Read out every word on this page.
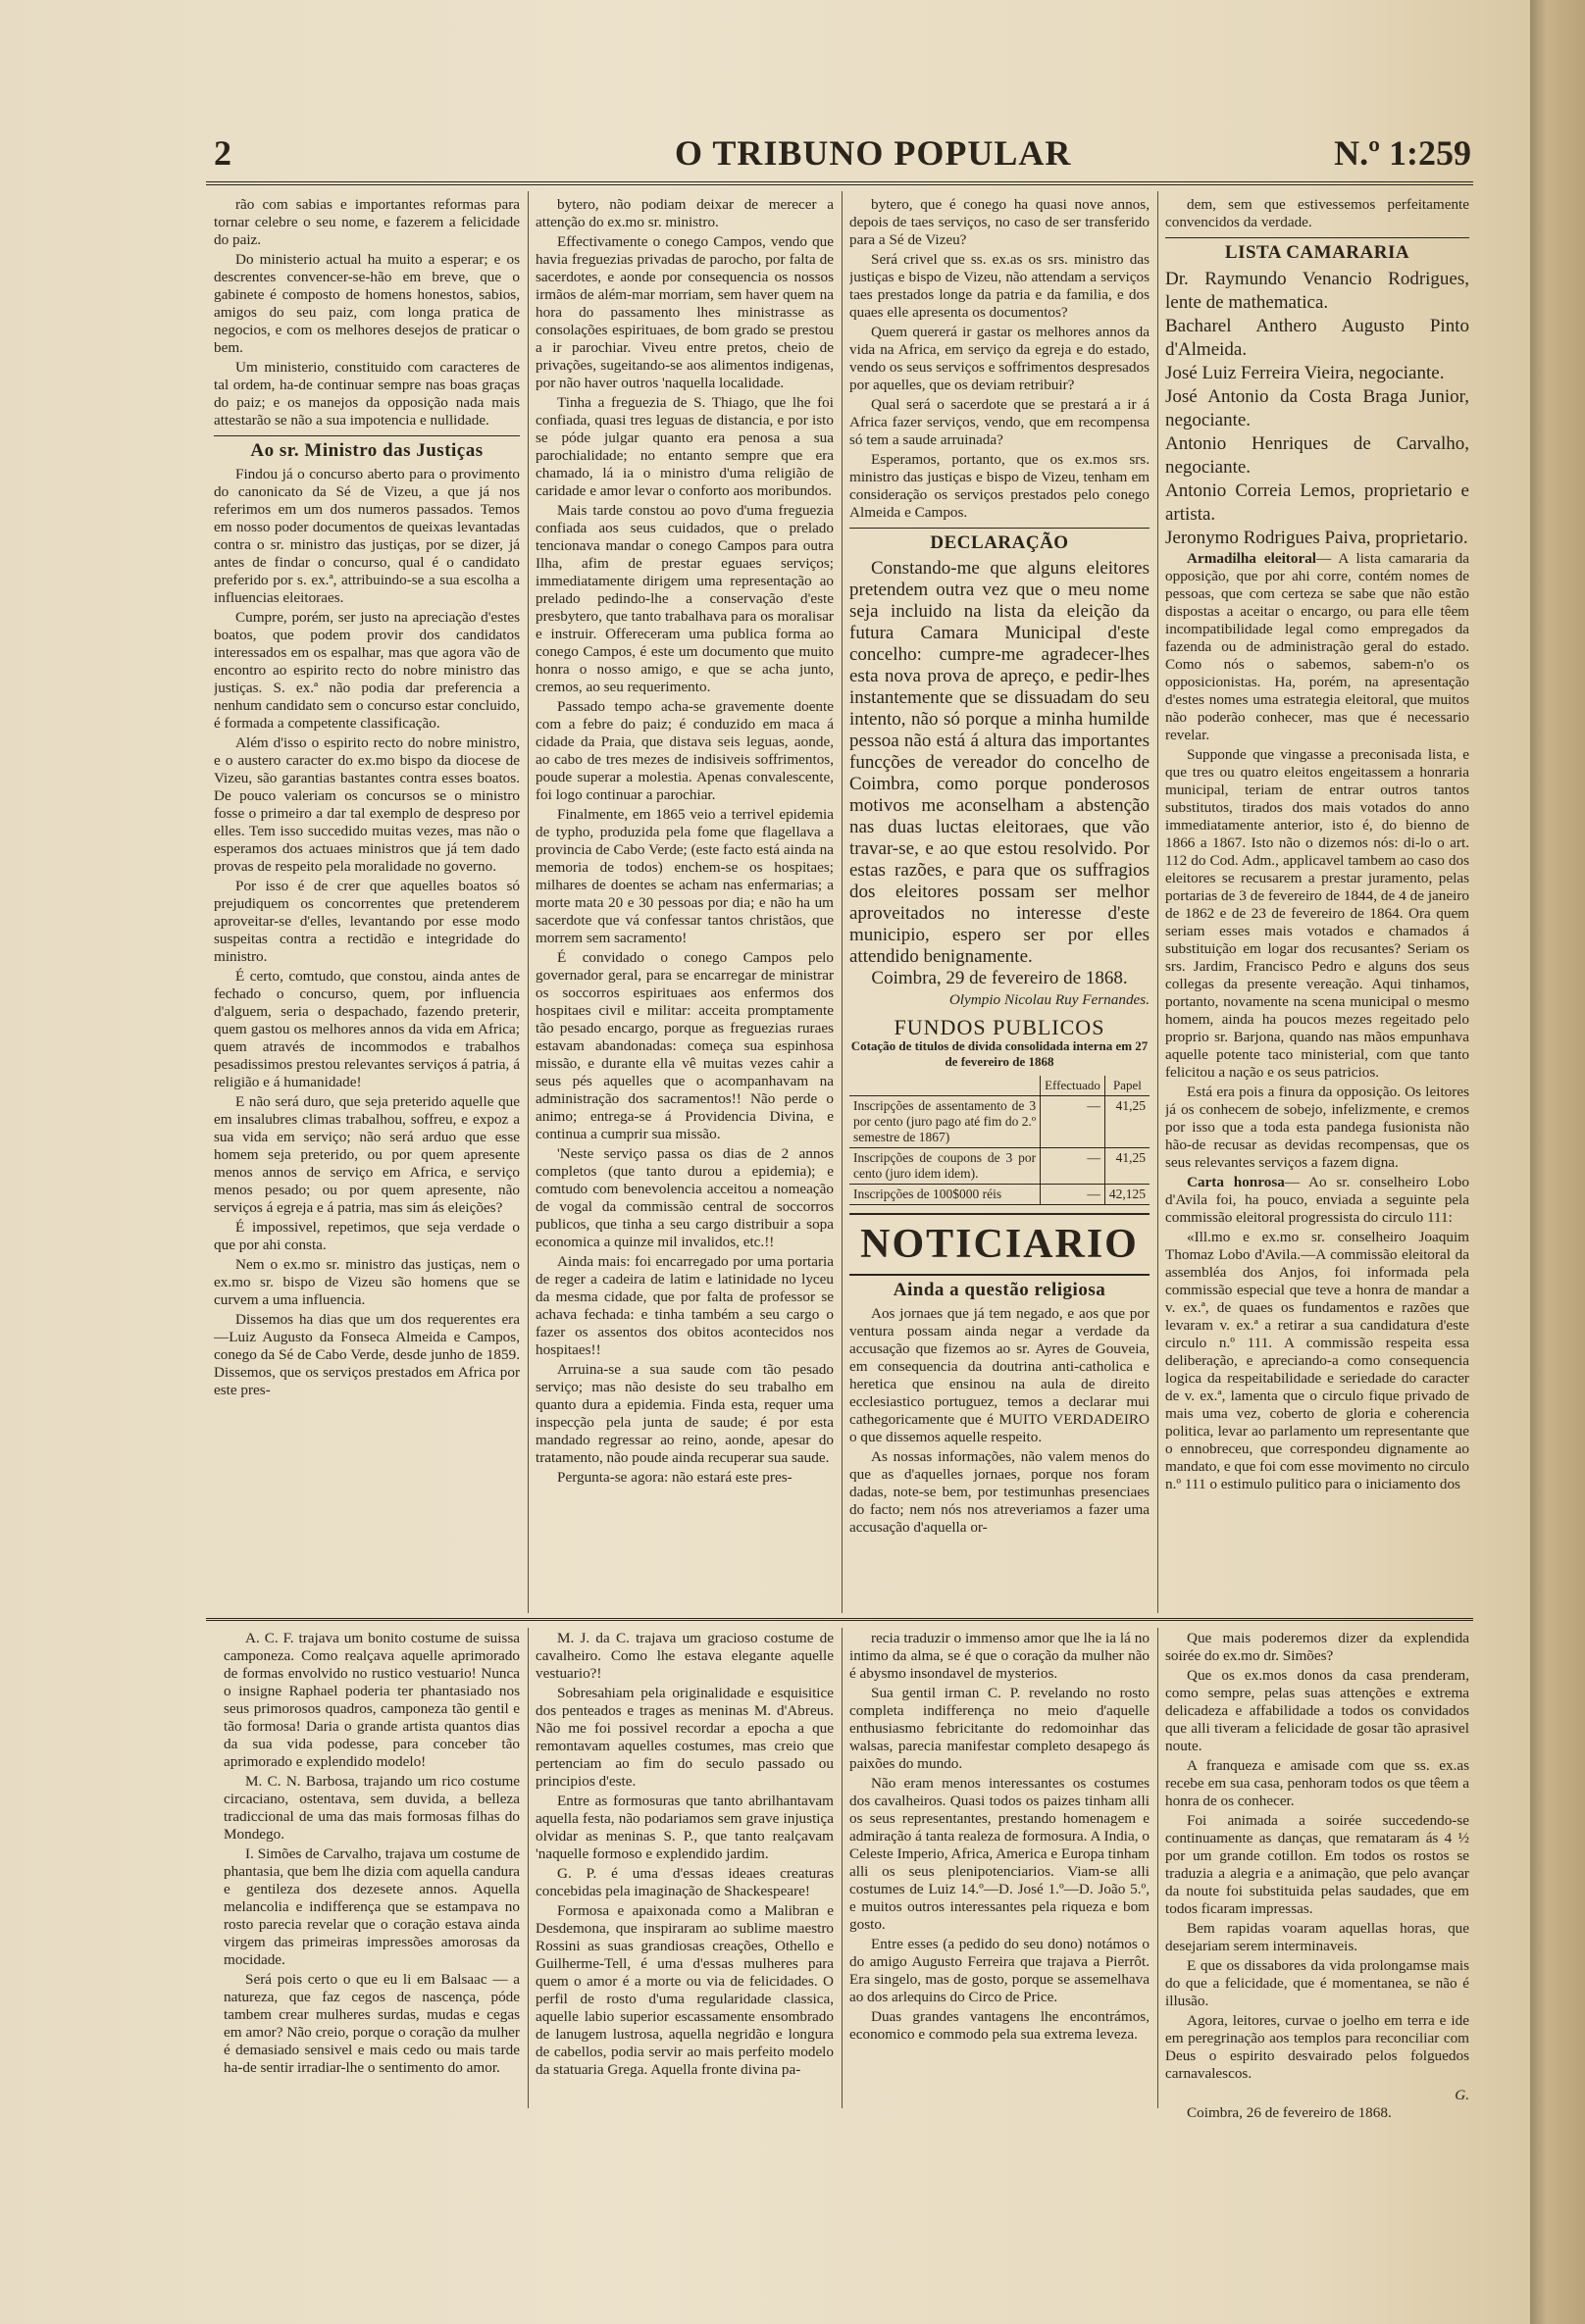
2	O TRIBUNO POPULAR	N.º 1:259

rão com sabias e importantes reformas para tornar celebre o seu nome, e fazerem a felicidade do paiz.

Do ministerio actual ha muito a esperar; e os descrentes convencer-se-hão em breve, que o gabinete é composto de homens honestos, sabios, amigos do seu paiz, com longa pratica de negocios, e com os melhores desejos de praticar o bem.

Um ministerio, constituido com caracteres de tal ordem, ha-de continuar sempre nas boas graças do paiz; e os manejos da opposição nada mais attestarão se não a sua impotencia e nullidade.

Ao sr. Ministro das Justiças

Findou já o concurso aberto para o provimento do canonicato da Sé de Vizeu, a que já nos referimos em um dos numeros passados. Temos em nosso poder documentos de queixas levantadas contra o sr. ministro das justiças, por se dizer, já antes de findar o concurso, qual é o candidato preferido por s. ex.ª, attribuindo-se a sua escolha a influencias eleitoraes.

Cumpre, porém, ser justo na apreciação d'estes boatos, que podem provir dos candidatos interessados em os espalhar, mas que agora vão de encontro ao espirito recto do nobre ministro das justiças. S. ex.ª não podia dar preferencia a nenhum candidato sem o concurso estar concluido, é formada a competente classificação.

Além d'isso o espirito recto do nobre ministro, e o austero caracter do ex.mo bispo da diocese de Vizeu, são garantias bastantes contra esses boatos. De pouco valeriam os concursos se o ministro fosse o primeiro a dar tal exemplo de despreso por elles. Tem isso succedido muitas vezes, mas não o esperamos dos actuaes ministros que já tem dado provas de respeito pela moralidade no governo.

Por isso é de crer que aquelles boatos só prejudiquem os concorrentes que pretenderem aproveitar-se d'elles, levantando por esse modo suspeitas contra a rectidão e integridade do ministro.

É certo, comtudo, que constou, ainda antes de fechado o concurso, quem, por influencia d'alguem, seria o despachado, fazendo preterir, quem gastou os melhores annos da vida em Africa; quem através de incommodos e trabalhos pesadissimos prestou relevantes serviços á patria, á religião e á humanidade!

E não será duro, que seja preterido aquelle que em insalubres climas trabalhou, soffreu, e expoz a sua vida em serviço; não será arduo que esse homem seja preterido, ou por quem apresente menos annos de serviço em Africa, e serviço menos pesado; ou por quem apresente, não serviços á egreja e á patria, mas sim ás eleições?

É impossivel, repetimos, que seja verdade o que por ahi consta.

Nem o ex.mo sr. ministro das justiças, nem o ex.mo sr. bispo de Vizeu são homens que se curvem a uma influencia.

Dissemos ha dias que um dos requerentes era—Luiz Augusto da Fonseca Almeida e Campos, conego da Sé de Cabo Verde, desde junho de 1859. Dissemos, que os serviços prestados em Africa por este pres-

bytero, não podiam deixar de merecer a attenção do ex.mo sr. ministro.

Effectivamente o conego Campos, vendo que havia freguezias privadas de parocho, por falta de sacerdotes, e aonde por consequencia os nossos irmãos de além-mar morriam, sem haver quem na hora do passamento lhes ministrasse as consolações espirituaes, de bom grado se prestou a ir parochiar. Viveu entre pretos, cheio de privações, sugeitando-se aos alimentos indigenas, por não haver outros 'naquella localidade.

Tinha a freguezia de S. Thiago, que lhe foi confiada, quasi tres leguas de distancia, e por isto se póde julgar quanto era penosa a sua parochialidade; no entanto sempre que era chamado, lá ia o ministro d'uma religião de caridade e amor levar o conforto aos moribundos.

Mais tarde constou ao povo d'uma freguezia confiada aos seus cuidados, que o prelado tencionava mandar o conego Campos para outra Ilha, afim de prestar eguaes serviços; immediatamente dirigem uma representação ao prelado pedindo-lhe a conservação d'este presbytero, que tanto trabalhava para os moralisar e instruir. Offereceram uma publica forma ao conego Campos, é este um documento que muito honra o nosso amigo, e que se acha junto, cremos, ao seu requerimento.

Passado tempo acha-se gravemente doente com a febre do paiz; é conduzido em maca á cidade da Praia, que distava seis leguas, aonde, ao cabo de tres mezes de indisiveis soffrimentos, poude superar a molestia. Apenas convalescente, foi logo continuar a parochiar.

Finalmente, em 1865 veio a terrivel epidemia de typho, produzida pela fome que flagellava a provincia de Cabo Verde; (este facto está ainda na memoria de todos) enchem-se os hospitaes; milhares de doentes se acham nas enfermarias; a morte mata 20 e 30 pessoas por dia; e não ha um sacerdote que vá confessar tantos christãos, que morrem sem sacramento!

É convidado o conego Campos pelo governador geral, para se encarregar de ministrar os soccorros espirituaes aos enfermos dos hospitaes civil e militar: acceita promptamente tão pesado encargo, porque as freguezias ruraes estavam abandonadas: começa sua espinhosa missão, e durante ella vê muitas vezes cahir a seus pés aquelles que o acompanhavam na administração dos sacramentos!! Não perde o animo; entrega-se á Providencia Divina, e continua a cumprir sua missão.

'Neste serviço passa os dias de 2 annos completos (que tanto durou a epidemia); e comtudo com benevolencia acceitou a nomeação de vogal da commissão central de soccorros publicos, que tinha a seu cargo distribuir a sopa economica a quinze mil invalidos, etc.!!

Ainda mais: foi encarregado por uma portaria de reger a cadeira de latim e latinidade no lyceu da mesma cidade, que por falta de professor se achava fechada: e tinha também a seu cargo o fazer os assentos dos obitos acontecidos nos hospitaes!!

Arruina-se a sua saude com tão pesado serviço; mas não desiste do seu trabalho em quanto dura a epidemia. Finda esta, requer uma inspecção pela junta de saude; é por esta mandado regressar ao reino, aonde, apesar do tratamento, não poude ainda recuperar sua saude.

Pergunta-se agora: não estará este pres-

bytero, que é conego ha quasi nove annos, depois de taes serviços, no caso de ser transferido para a Sé de Vizeu?

Será crivel que ss. ex.as os srs. ministro das justiças e bispo de Vizeu, não attendam a serviços taes prestados longe da patria e da familia, e dos quaes elle apresenta os documentos?

Quem quererá ir gastar os melhores annos da vida na Africa, em serviço da egreja e do estado, vendo os seus serviços e soffrimentos despresados por aquelles, que os deviam retribuir?

Qual será o sacerdote que se prestará a ir á Africa fazer serviços, vendo, que em recompensa só tem a saude arruinada?

Esperamos, portanto, que os ex.mos srs. ministro das justiças e bispo de Vizeu, tenham em consideração os serviços prestados pelo conego Almeida e Campos.

DECLARAÇÃO

Constando-me que alguns eleitores pretendem outra vez que o meu nome seja incluido na lista da eleição da futura Camara Municipal d'este concelho: cumpre-me agradecer-lhes esta nova prova de apreço, e pedir-lhes instantemente que se dissuadam do seu intento, não só porque a minha humilde pessoa não está á altura das importantes funcções de vereador do concelho de Coimbra, como porque ponderosos motivos me aconselham a abstenção nas duas luctas eleitoraes, que vão travar-se, e ao que estou resolvido. Por estas razões, e para que os suffragios dos eleitores possam ser melhor aproveitados no interesse d'este municipio, espero ser por elles attendido benignamente.

Coimbra, 29 de fevereiro de 1868.
Olympio Nicolau Ruy Fernandes.
FUNDOS PUBLICOS
Cotação de titulos de divida consolidada interna em 27 de fevereiro de 1868
	Effectuado	Papel
Inscripções de assentamento de 3 por cento (juro pago até fim do 2.º semestre de 1867)	—	41,25
Inscripções de coupons de 3 por cento (juro idem idem).	—	41,25
Inscripções de 100$000 réis	—	42,125
NOTICIARIO
Ainda a questão religiosa

Aos jornaes que já tem negado, e aos que por ventura possam ainda negar a verdade da accusação que fizemos ao sr. Ayres de Gouveia, em consequencia da doutrina anti-catholica e heretica que ensinou na aula de direito ecclesiastico portuguez, temos a declarar mui cathegoricamente que é MUITO VERDADEIRO o que dissemos aquelle respeito.

As nossas informações, não valem menos do que as d'aquelles jornaes, porque nos foram dadas, note-se bem, por testimunhas presenciaes do facto; nem nós nos atreveriamos a fazer uma accusação d'aquella or-

dem, sem que estivessemos perfeitamente convencidos da verdade.

LISTA CAMARARIA

Dr. Raymundo Venancio Rodrigues, lente de mathematica.

Bacharel Anthero Augusto Pinto d'Almeida.

José Luiz Ferreira Vieira, negociante.

José Antonio da Costa Braga Junior, negociante.

Antonio Henriques de Carvalho, negociante.

Antonio Correia Lemos, proprietario e artista.

Jeronymo Rodrigues Paiva, proprietario.

Armadilha eleitoral— A lista camararia da opposição, que por ahi corre, contém nomes de pessoas, que com certeza se sabe que não estão dispostas a aceitar o encargo, ou para elle têem incompatibilidade legal como empregados da fazenda ou de administração geral do estado. Como nós o sabemos, sabem-n'o os opposicionistas. Ha, porém, na apresentação d'estes nomes uma estrategia eleitoral, que muitos não poderão conhecer, mas que é necessario revelar.

Supponde que vingasse a preconisada lista, e que tres ou quatro eleitos engeitassem a honraria municipal, teriam de entrar outros tantos substitutos, tirados dos mais votados do anno immediatamente anterior, isto é, do bienno de 1866 a 1867. Isto não o dizemos nós: di-lo o art. 112 do Cod. Adm., applicavel tambem ao caso dos eleitores se recusarem a prestar juramento, pelas portarias de 3 de fevereiro de 1844, de 4 de janeiro de 1862 e de 23 de fevereiro de 1864. Ora quem seriam esses mais votados e chamados á substituição em logar dos recusantes? Seriam os srs. Jardim, Francisco Pedro e alguns dos seus collegas da presente vereação. Aqui tinhamos, portanto, novamente na scena municipal o mesmo homem, ainda ha poucos mezes regeitado pelo proprio sr. Barjona, quando nas mãos empunhava aquelle potente taco ministerial, com que tanto felicitou a nação e os seus patricios.

Está era pois a finura da opposição. Os leitores já os conhecem de sobejo, infelizmente, e cremos por isso que a toda esta pandega fusionista não hão-de recusar as devidas recompensas, que os seus relevantes serviços a fazem digna.

Carta honrosa— Ao sr. conselheiro Lobo d'Avila foi, ha pouco, enviada a seguinte pela commissão eleitoral progressista do circulo 111:

«Ill.mo e ex.mo sr. conselheiro Joaquim Thomaz Lobo d'Avila.—A commissão eleitoral da assembléa dos Anjos, foi informada pela commissão especial que teve a honra de mandar a v. ex.ª, de quaes os fundamentos e razões que levaram v. ex.ª a retirar a sua candidatura d'este circulo n.º 111. A commissão respeita essa deliberação, e apreciando-a como consequencia logica da respeitabilidade e seriedade do caracter de v. ex.ª, lamenta que o circulo fique privado de mais uma vez, coberto de gloria e coherencia politica, levar ao parlamento um representante que o ennobreceu, que correspondeu dignamente ao mandato, e que foi com esse movimento no circulo n.º 111 o estimulo pulitico para o iniciamento dos

A. C. F. trajava um bonito costume de suissa camponeza. Como realçava aquelle aprimorado de formas envolvido no rustico vestuario! Nunca o insigne Raphael poderia ter phantasiado nos seus primorosos quadros, camponeza tão gentil e tão formosa! Daria o grande artista quantos dias da sua vida podesse, para conceber tão aprimorado e explendido modelo!

M. C. N. Barbosa, trajando um rico costume circaciano, ostentava, sem duvida, a belleza tradiccional de uma das mais formosas filhas do Mondego.

I. Simões de Carvalho, trajava um costume de phantasia, que bem lhe dizia com aquella candura e gentileza dos dezesete annos. Aquella melancolia e indifferença que se estampava no rosto parecia revelar que o coração estava ainda virgem das primeiras impressões amorosas da mocidade.

Será pois certo o que eu li em Balsaac — a natureza, que faz cegos de nascença, póde tambem crear mulheres surdas, mudas e cegas em amor? Não creio, porque o coração da mulher é demasiado sensivel e mais cedo ou mais tarde ha-de sentir irradiar-lhe o sentimento do amor.

M. J. da C. trajava um gracioso costume de cavalheiro. Como lhe estava elegante aquelle vestuario?!

Sobresahiam pela originalidade e esquisitice dos penteados e trages as meninas M. d'Abreus. Não me foi possivel recordar a epocha a que remontavam aquelles costumes, mas creio que pertenciam ao fim do seculo passado ou principios d'este.

Entre as formosuras que tanto abrilhantavam aquella festa, não podariamos sem grave injustiça olvidar as meninas S. P., que tanto realçavam 'naquelle formoso e explendido jardim.

G. P. é uma d'essas ideaes creaturas concebidas pela imaginação de Shackespeare!

Formosa e apaixonada como a Malibran e Desdemona, que inspiraram ao sublime maestro Rossini as suas grandiosas creações, Othello e Guilherme-Tell, é uma d'essas mulheres para quem o amor é a morte ou via de felicidades. O perfil de rosto d'uma regularidade classica, aquelle labio superior escassamente ensombrado de lanugem lustrosa, aquella negridão e longura de cabellos, podia servir ao mais perfeito modelo da statuaria Grega. Aquella fronte divina pa-

recia traduzir o immenso amor que lhe ia lá no intimo da alma, se é que o coração da mulher não é abysmo insondavel de mysterios.

Sua gentil irman C. P. revelando no rosto completa indifferença no meio d'aquelle enthusiasmo febricitante do redomoinhar das walsas, parecia manifestar completo desapego ás paixões do mundo.

Não eram menos interessantes os costumes dos cavalheiros. Quasi todos os paizes tinham alli os seus representantes, prestando homenagem e admiração á tanta realeza de formosura. A India, o Celeste Imperio, Africa, America e Europa tinham alli os seus plenipotenciarios. Viam-se alli costumes de Luiz 14.º—D. José 1.º—D. João 5.º, e muitos outros interessantes pela riqueza e bom gosto.

Entre esses (a pedido do seu dono) notámos o do amigo Augusto Ferreira que trajava a Pierrôt. Era singelo, mas de gosto, porque se assemelhava ao dos arlequins do Circo de Price.

Duas grandes vantagens lhe encontrámos, economico e commodo pela sua extrema leveza.

Que mais poderemos dizer da explendida soirée do ex.mo dr. Simões?

Que os ex.mos donos da casa prenderam, como sempre, pelas suas attenções e extrema delicadeza e affabilidade a todos os convidados que alli tiveram a felicidade de gosar tão aprasivel noute.

A franqueza e amisade com que ss. ex.as recebe em sua casa, penhoram todos os que têem a honra de os conhecer.

Foi animada a soirée succedendo-se continuamente as danças, que remataram ás 4 ½ por um grande cotillon. Em todos os rostos se traduzia a alegria e a animação, que pelo avançar da noute foi substituida pelas saudades, que em todos ficaram impressas.

Bem rapidas voaram aquellas horas, que desejariam serem interminaveis.

E que os dissabores da vida prolongamse mais do que a felicidade, que é momentanea, se não é illusão.

Agora, leitores, curvae o joelho em terra e ide em peregrinação aos templos para reconciliar com Deus o espirito desvairado pelos folguedos carnavalescos.

G.

Coimbra, 26 de fevereiro de 1868.
